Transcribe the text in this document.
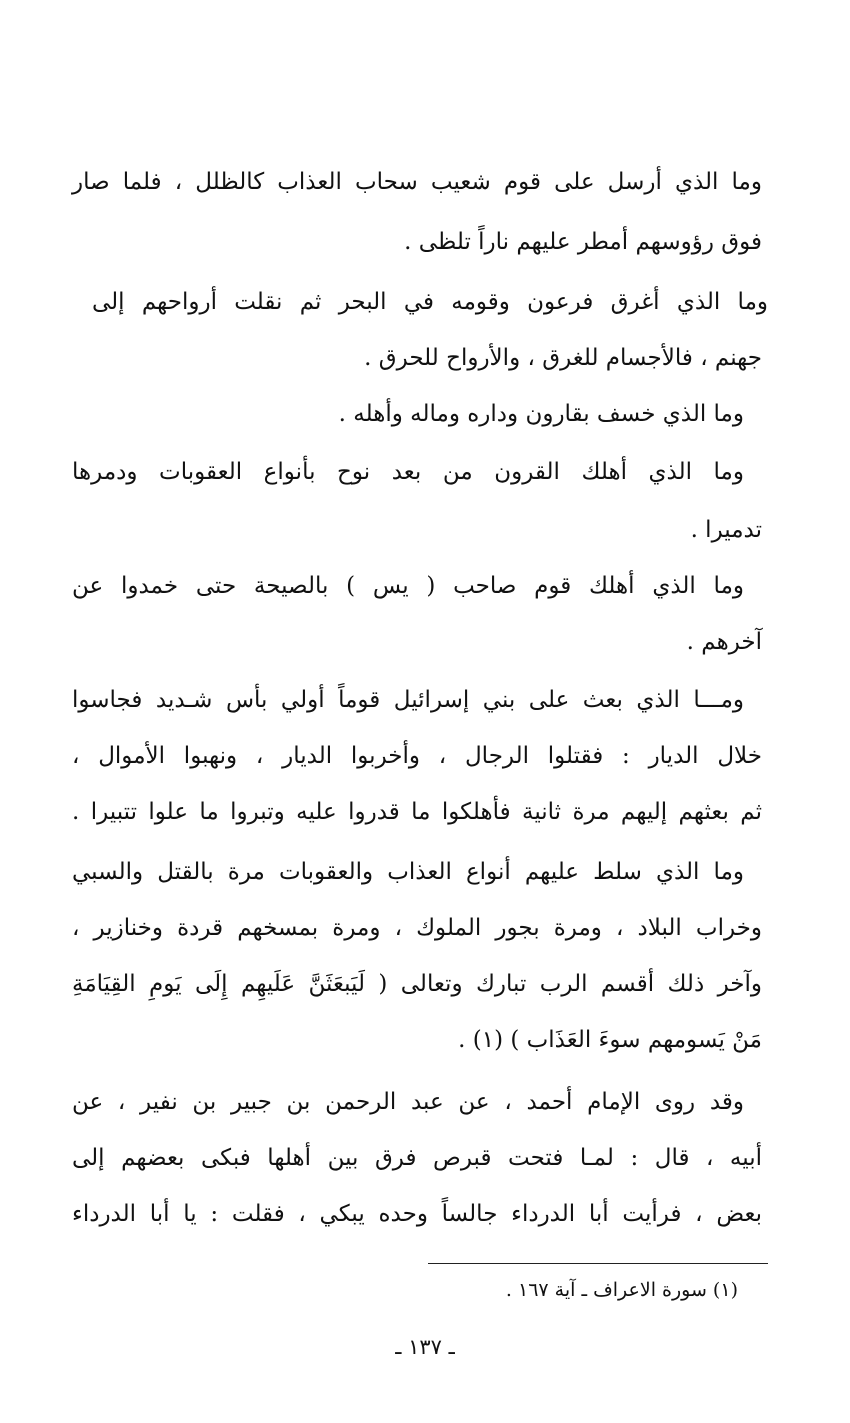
وما الذي أرسل على قوم شعيب سحاب العذاب كالظلل ، فلما صار
فوق رؤوسهم أمطر عليهم ناراً تلظى .
وما الذي أغرق فرعون وقومه في البحر ثم نقلت أرواحهم إلى
جهنم ، فالأجسام للغرق ، والأرواح للحرق .
وما الذي خسف بقارون وداره وماله وأهله .
وما الذي أهلك القرون من بعد نوح بأنواع العقوبات ودمرها
تدميرا .
وما الذي أهلك قوم صاحب ( يس ) بالصيحة حتى خمدوا عن
آخرهم .
ومـــا الذي بعث على بني إسرائيل قوماً أولي بأس شـديد فجاسوا
خلال الديار : فقتلوا الرجال ، وأخربوا الديار ، ونهبوا الأموال ،
ثم بعثهم إليهم مرة ثانية فأهلكوا ما قدروا عليه وتبروا ما علوا تتبيرا .
وما الذي سلط عليهم أنواع العذاب والعقوبات مرة بالقتل والسبي
وخراب البلاد ، ومرة بجور الملوك ، ومرة بمسخهم قردة وخنازير ،
وآخر ذلك أقسم الرب تبارك وتعالى ( لَيَبعَثَنَّ عَلَيهِم إِلَى يَومِ القِيَامَةِ
مَنْ يَسومهم سوءَ العَذَاب ) (١) .
وقد روى الإمام أحمد ، عن عبد الرحمن بن جبير بن نفير ، عن
أبيه ، قال : لمـا فتحت قبرص فرق بين أهلها فبكى بعضهم إلى
بعض ، فرأيت أبا الدرداء جالساً وحده يبكي ، فقلت : يا أبا الدرداء
(١) سورة الاعراف ـ آية ١٦٧ .
ـ ١٣٧ ـ
